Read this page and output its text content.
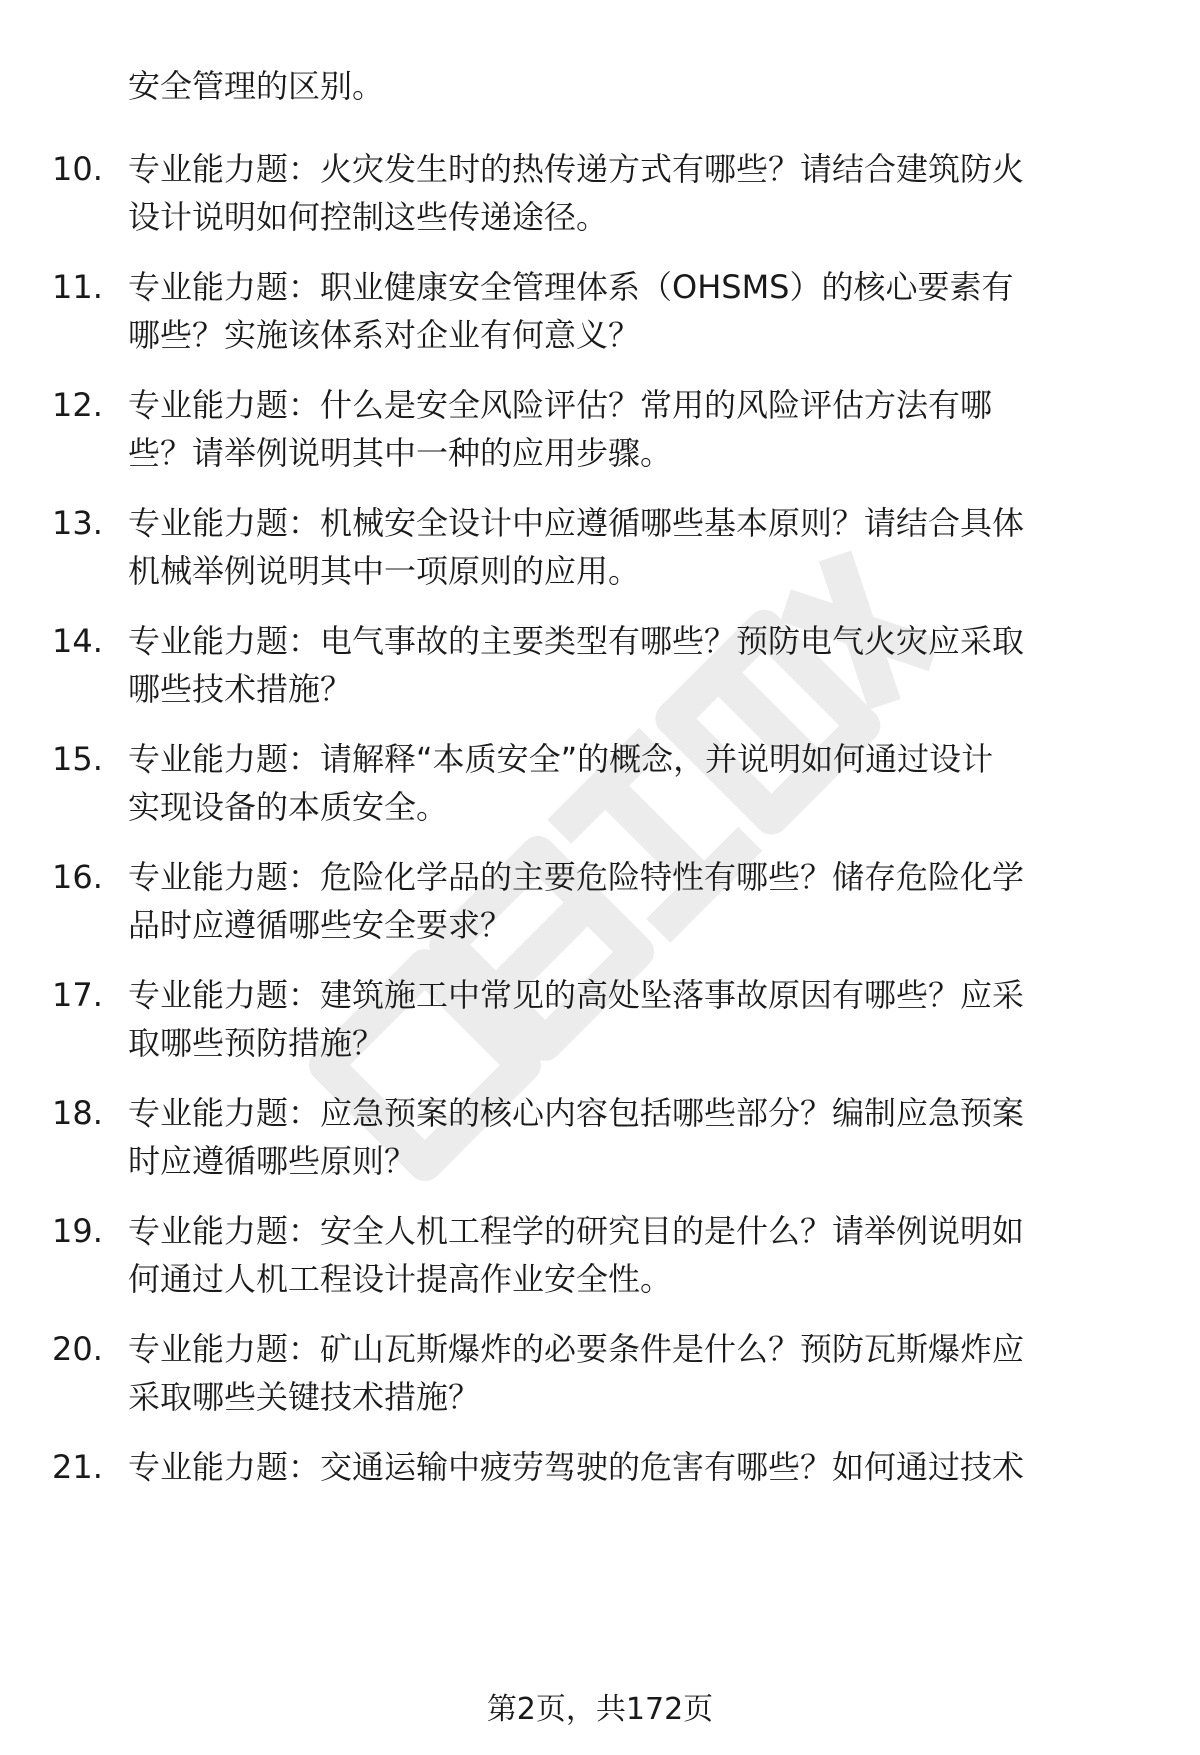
安全管理的区别。
10. 专业能力题：火灾发生时的热传递方式有哪些？请结合建筑防火
设计说明如何控制这些传递途径。
11. 专业能力题：职业健康安全管理体系（OHSMS）的核心要素有
哪些？实施该体系对企业有何意义？
12. 专业能力题：什么是安全风险评估？常用的风险评估方法有哪
些？请举例说明其中一种的应用步骤。
13. 专业能力题：机械安全设计中应遵循哪些基本原则？请结合具体
机械举例说明其中一项原则的应用。
14. 专业能力题：电气事故的主要类型有哪些？预防电气火灾应采取
哪些技术措施？
15. 专业能力题：请解释“本质安全”的概念，并说明如何通过设计
实现设备的本质安全。
16. 专业能力题：危险化学品的主要危险特性有哪些？储存危险化学
品时应遵循哪些安全要求？
17. 专业能力题：建筑施工中常见的高处坠落事故原因有哪些？应采
取哪些预防措施？
18. 专业能力题：应急预案的核心内容包括哪些部分？编制应急预案
时应遵循哪些原则？
19. 专业能力题：安全人机工程学的研究目的是什么？请举例说明如
何通过人机工程设计提高作业安全性。
20. 专业能力题：矿山瓦斯爆炸的必要条件是什么？预防瓦斯爆炸应
采取哪些关键技术措施？
21. 专业能力题：交通运输中疲劳驾驶的危害有哪些？如何通过技术
第2页，共172页
